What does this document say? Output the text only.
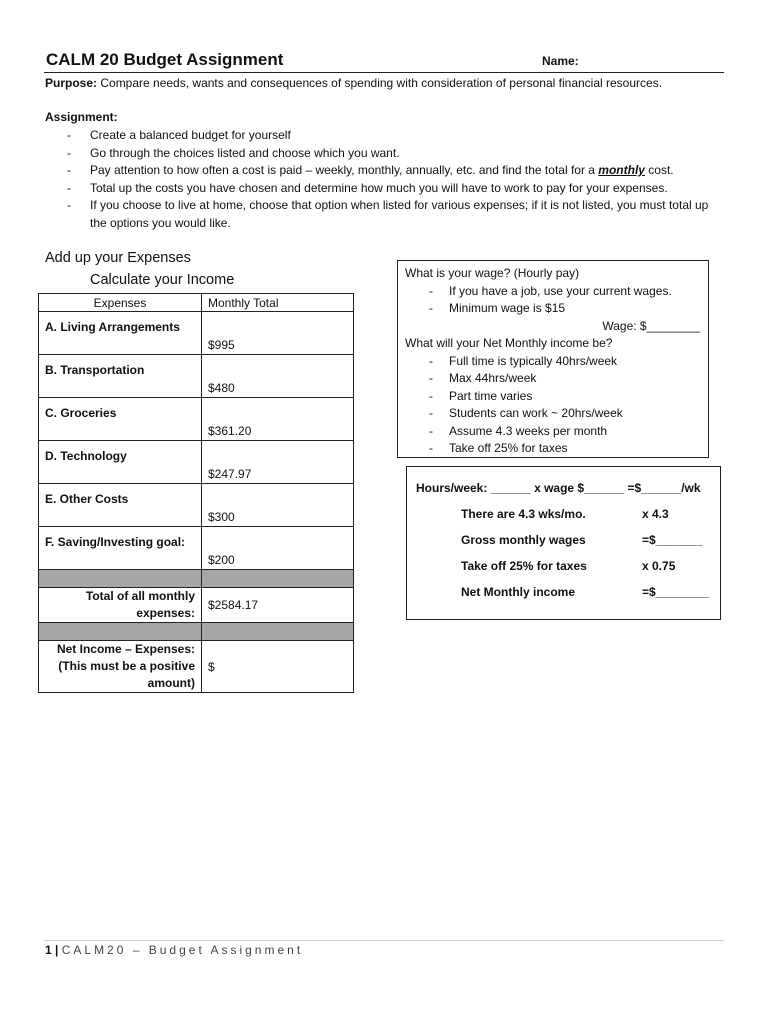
CALM 20 Budget Assignment	Name:
Purpose: Compare needs, wants and consequences of spending with consideration of personal financial resources.
Assignment:
- Create a balanced budget for yourself
- Go through the choices listed and choose which you want.
- Pay attention to how often a cost is paid – weekly, monthly, annually, etc. and find the total for a monthly cost.
- Total up the costs you have chosen and determine how much you will have to work to pay for your expenses.
- If you choose to live at home, choose that option when listed for various expenses; if it is not listed, you must total up the options you would like.
Add up your Expenses
Calculate your Income
Expenses	Monthly Total
A. Living Arrangements	$995
B. Transportation	$480
C. Groceries	$361.20
D. Technology	$247.97
E. Other Costs	$300
F. Saving/Investing goal:	$200

Total of all monthly
expenses:	$2584.17

Net Income – Expenses:
(This must be a positive
amount)	$
What is your wage? (Hourly pay)
- If you have a job, use your current wages.
- Minimum wage is $15
Wage: $________
What will your Net Monthly income be?
- Full time is typically 40hrs/week
- Max 44hrs/week
- Part time varies
- Students can work ~ 20hrs/week
- Assume 4.3 weeks per month
- Take off 25% for taxes
Hours/week: ______ x wage $______ =$______/wk
There are 4.3 wks/mo.	x 4.3
Gross monthly wages	=$_______
Take off 25% for taxes	x 0.75
Net Monthly income	=$________
1 | CALM20 – Budget Assignment
